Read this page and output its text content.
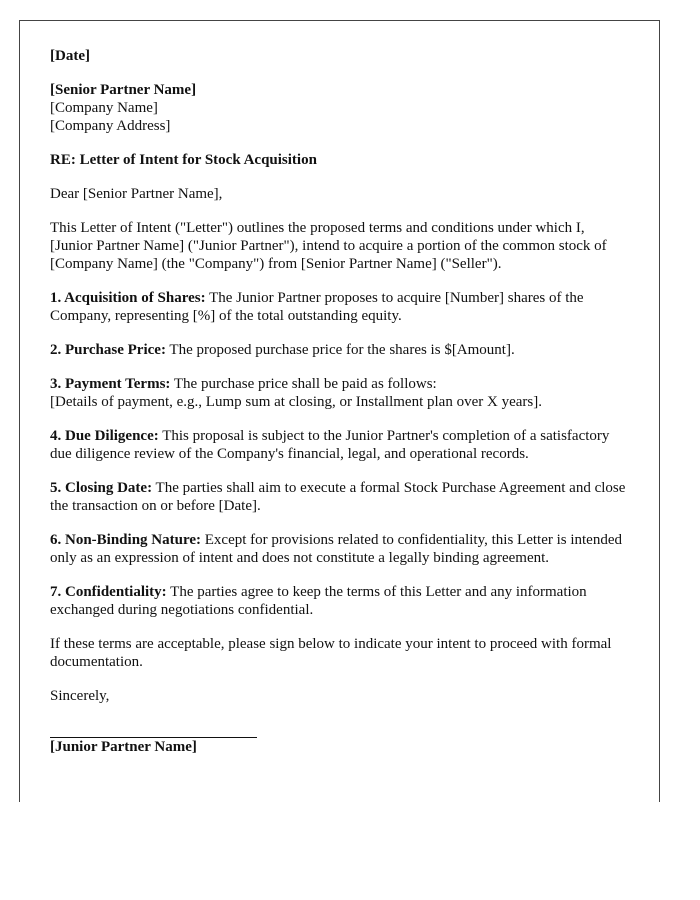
[Date]

[Senior Partner Name]

[Company Name]

[Company Address]

RE: Letter of Intent for Stock Acquisition

Dear [Senior Partner Name],

This Letter of Intent ("Letter") outlines the proposed terms and conditions under which I, [Junior Partner Name] ("Junior Partner"), intend to acquire a portion of the common stock of [Company Name] (the "Company") from [Senior Partner Name] ("Seller").

1. Acquisition of Shares: The Junior Partner proposes to acquire [Number] shares of the Company, representing [%] of the total outstanding equity.

2. Purchase Price: The proposed purchase price for the shares is $[Amount].

3. Payment Terms: The purchase price shall be paid as follows:
[Details of payment, e.g., Lump sum at closing, or Installment plan over X years].

4. Due Diligence: This proposal is subject to the Junior Partner's completion of a satisfactory due diligence review of the Company's financial, legal, and operational records.

5. Closing Date: The parties shall aim to execute a formal Stock Purchase Agreement and close the transaction on or before [Date].

6. Non-Binding Nature: Except for provisions related to confidentiality, this Letter is intended only as an expression of intent and does not constitute a legally binding agreement.

7. Confidentiality: The parties agree to keep the terms of this Letter and any information exchanged during negotiations confidential.

If these terms are acceptable, please sign below to indicate your intent to proceed with formal documentation.

Sincerely,

[Junior Partner Name]
